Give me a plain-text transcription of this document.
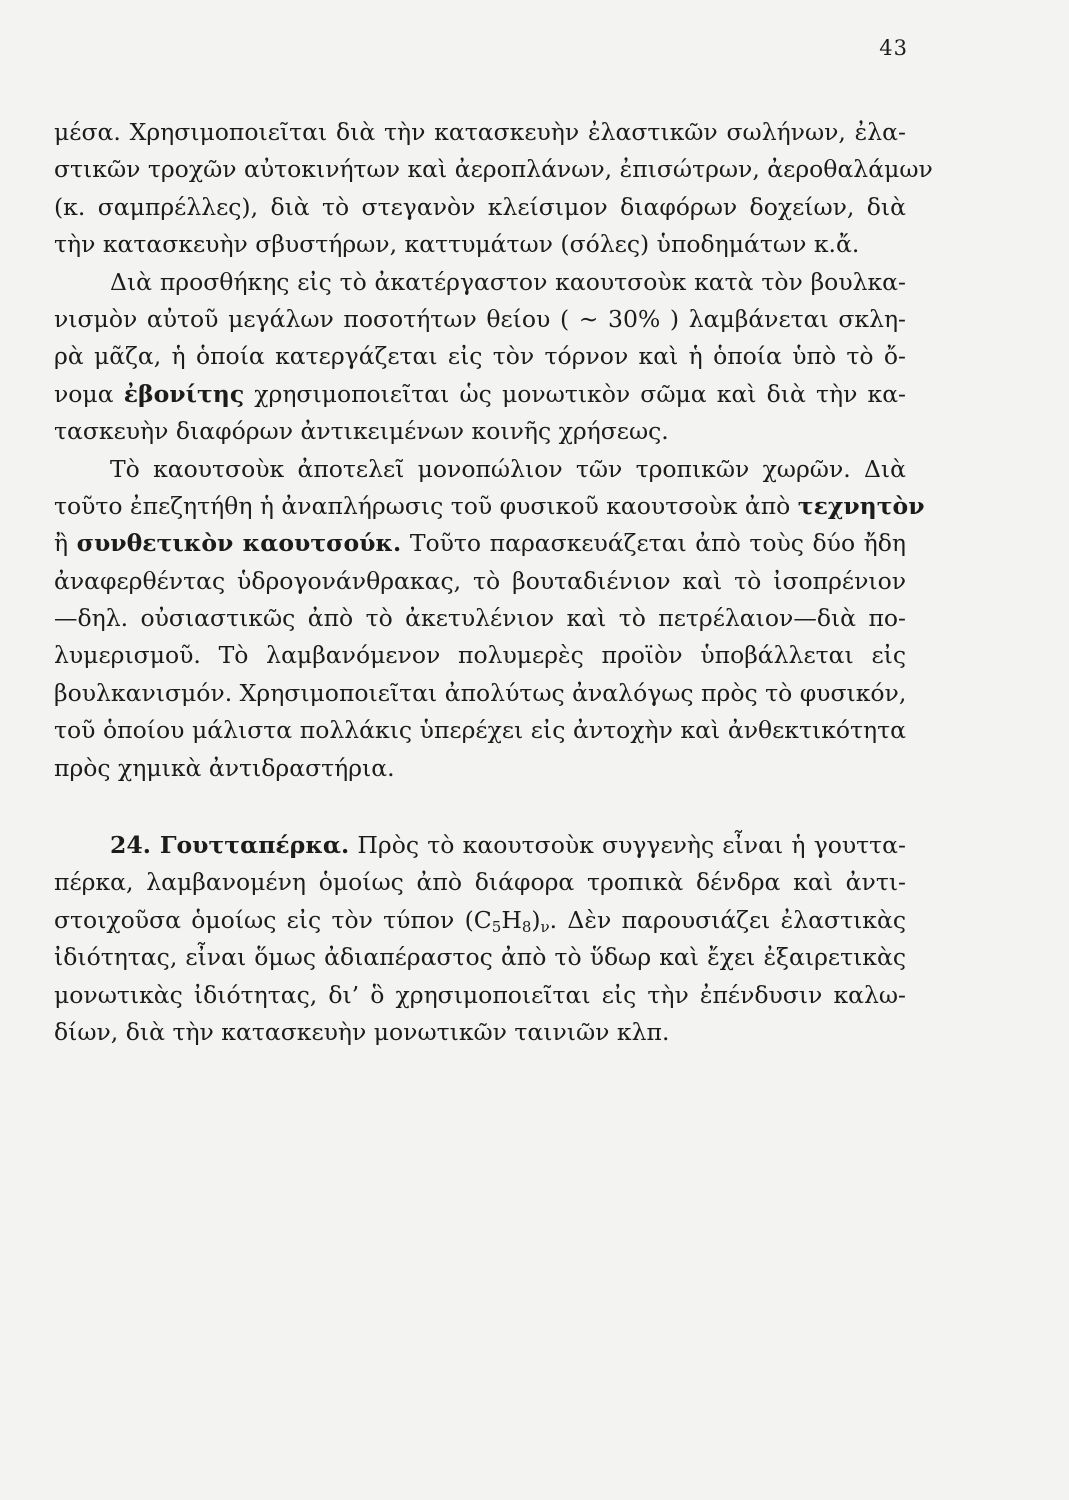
43
μέσα. Χρησιμοποιεῖται διὰ τὴν κατασκευὴν ἐλαστικῶν σωλήνων, ἐλα-
στικῶν τροχῶν αὐτοκινήτων καὶ ἀεροπλάνων, ἐπισώτρων, ἀεροθαλάμων
(κ. σαμπρέλλες), διὰ τὸ στεγανὸν κλείσιμον διαφόρων δοχείων, διὰ
τὴν κατασκευὴν σβυστήρων, καττυμάτων (σόλες) ὑποδημάτων κ.ἄ.
Διὰ προσθήκης εἰς τὸ ἀκατέργαστον καουτσοὺκ κατὰ τὸν βουλκα-
νισμὸν αὐτοῦ μεγάλων ποσοτήτων θείου ( ∼ 30% ) λαμβάνεται σκλη-
ρὰ μᾶζα, ἡ ὁποία κατεργάζεται εἰς τὸν τόρνον καὶ ἡ ὁποία ὑπὸ τὸ ὄ-
νομα ἐβονίτης χρησιμοποιεῖται ὡς μονωτικὸν σῶμα καὶ διὰ τὴν κα-
τασκευὴν διαφόρων ἀντικειμένων κοινῆς χρήσεως.
Τὸ καουτσοὺκ ἀποτελεῖ μονοπώλιον τῶν τροπικῶν χωρῶν. Διὰ
τοῦτο ἐπεζητήθη ἡ ἀναπλήρωσις τοῦ φυσικοῦ καουτσοὺκ ἀπὸ τεχνητὸν
ἢ συνθετικὸν καουτσούκ. Τοῦτο παρασκευάζεται ἀπὸ τοὺς δύο ἤδη
ἀναφερθέντας ὑδρογονάνθρακας, τὸ βουταδιένιον καὶ τὸ ἰσοπρένιον
—δηλ. οὐσιαστικῶς ἀπὸ τὸ ἀκετυλένιον καὶ τὸ πετρέλαιον—διὰ πο-
λυμερισμοῦ. Τὸ λαμβανόμενον πολυμερὲς προϊὸν ὑποβάλλεται εἰς
βουλκανισμόν. Χρησιμοποιεῖται ἀπολύτως ἀναλόγως πρὸς τὸ φυσικόν,
τοῦ ὁποίου μάλιστα πολλάκις ὑπερέχει εἰς ἀντοχὴν καὶ ἀνθεκτικότητα
πρὸς χημικὰ ἀντιδραστήρια.
24. Γουτταπέρκα. Πρὸς τὸ καουτσοὺκ συγγενὴς εἶναι ἡ γουττα-
πέρκα, λαμβανομένη ὁμοίως ἀπὸ διάφορα τροπικὰ δένδρα καὶ ἀντι-
στοιχοῦσα ὁμοίως εἰς τὸν τύπον $(C_5H_8)_\nu$. Δὲν παρουσιάζει ἐλαστικὰς
ἰδιότητας, εἶναι ὅμως ἀδιαπέραστος ἀπὸ τὸ ὕδωρ καὶ ἔχει ἐξαιρετικὰς
μονωτικὰς ἰδιότητας, δι’ ὃ χρησιμοποιεῖται εἰς τὴν ἐπένδυσιν καλω-
δίων, διὰ τὴν κατασκευὴν μονωτικῶν ταινιῶν κλπ.
